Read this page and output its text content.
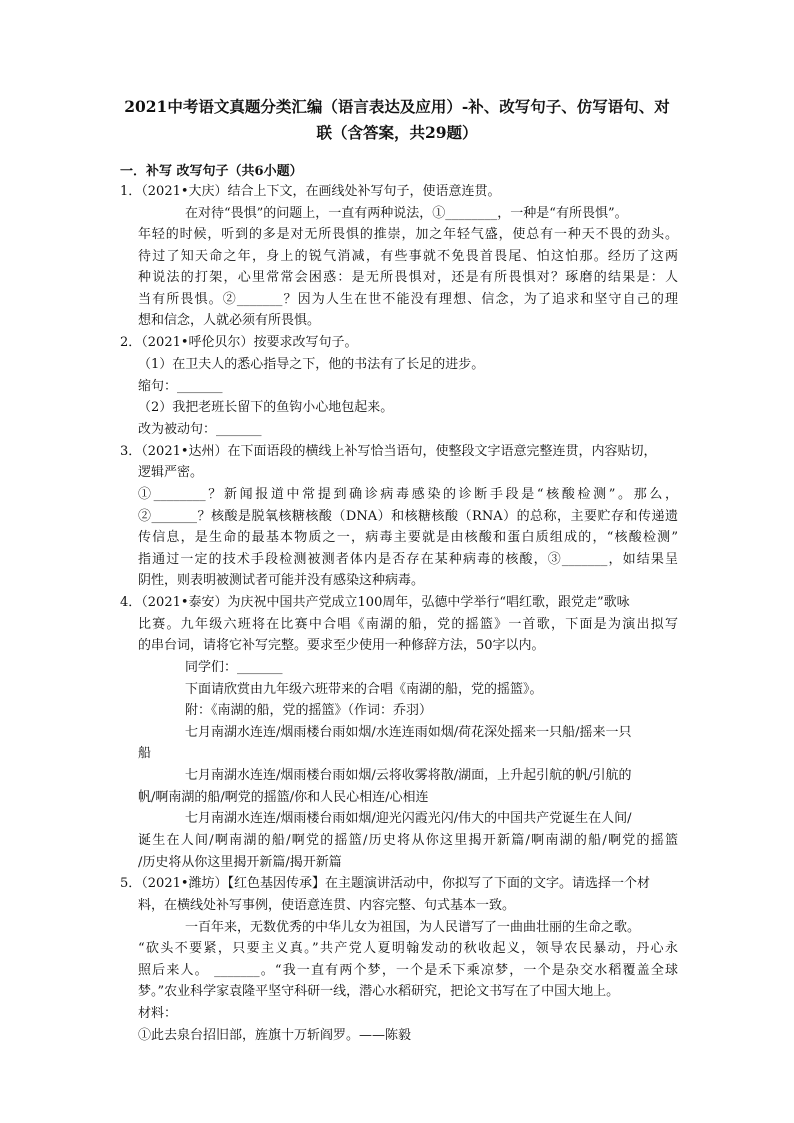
2021中考语文真题分类汇编（语言表达及应用）-补、改写句子、仿写语句、对
联（含答案，共29题）
一．补写 改写句子（共6小题）
1．（2021•大庆）结合上下文，在画线处补写句子，使语意连贯。
在对待“畏惧”的问题上，一直有两种说法，①________，一种是“有所畏惧”。
年轻的时候，听到的多是对无所畏惧的推崇，加之年轻气盛，使总有一种天不畏的劲头。
待过了知天命之年，身上的锐气消减，有些事就不免畏首畏尾、怕这怕那。经历了这两
种说法的打架，心里常常会困惑：是无所畏惧对，还是有所畏惧对？琢磨的结果是：人
当有所畏惧。②_______？因为人生在世不能没有理想、信念，为了追求和坚守自己的理
想和信念，人就必须有所畏惧。
2．（2021•呼伦贝尔）按要求改写句子。
（1）在卫夫人的悉心指导之下，他的书法有了长足的进步。
缩句：_______
（2）我把老班长留下的鱼钩小心地包起来。
改为被动句：_______
3．（2021•达州）在下面语段的横线上补写恰当语句，使整段文字语意完整连贯，内容贴切，
逻辑严密。
①________？新闻报道中常提到确诊病毒感染的诊断手段是“核酸检测”。那么，
②_______？核酸是脱氧核糖核酸（DNA）和核糖核酸（RNA）的总称，主要贮存和传递遗
传信息，是生命的最基本物质之一，病毒主要就是由核酸和蛋白质组成的，“核酸检测”
指通过一定的技术手段检测被测者体内是否存在某种病毒的核酸，③_______，如结果呈
阴性，则表明被测试者可能并没有感染这种病毒。
4．（2021•泰安）为庆祝中国共产党成立100周年，弘德中学举行“唱红歌，跟党走”歌咏
比赛。九年级六班将在比赛中合唱《南湖的船，党的摇篮》一首歌，下面是为演出拟写
的串台词，请将它补写完整。要求至少使用一种修辞方法，50字以内。
同学们：_______
下面请欣赏由九年级六班带来的合唱《南湖的船，党的摇篮》。
附：《南湖的船，党的摇篮》（作词：乔羽）
七月南湖水连连/烟雨楼台雨如烟/水连连雨如烟/荷花深处摇来一只船/摇来一只
船
七月南湖水连连/烟雨楼台雨如烟/云将收雾将散/湖面，上升起引航的帆/引航的
帆/啊南湖的船/啊党的摇篮/你和人民心相连/心相连
七月南湖水连连/烟雨楼台雨如烟/迎光闪霞光闪/伟大的中国共产党诞生在人间/
诞生在人间/啊南湖的船/啊党的摇篮/历史将从你这里揭开新篇/啊南湖的船/啊党的摇篮
/历史将从你这里揭开新篇/揭开新篇
5．（2021•潍坊）【红色基因传承】在主题演讲活动中，你拟写了下面的文字。请选择一个材
料，在横线处补写事例，使语意连贯、内容完整、句式基本一致。
一百年来，无数优秀的中华儿女为祖国，为人民谱写了一曲曲壮丽的生命之歌。
“砍头不要紧，只要主义真。”共产党人夏明翰发动的秋收起义，领导农民暴动，丹心永
照后来人。 _______。“我一直有两个梦，一个是禾下乘凉梦，一个是杂交水稻覆盖全球
梦。”农业科学家袁隆平坚守科研一线，潜心水稻研究，把论文书写在了中国大地上。
材料：
①此去泉台招旧部，旌旗十万斩阎罗。——陈毅
